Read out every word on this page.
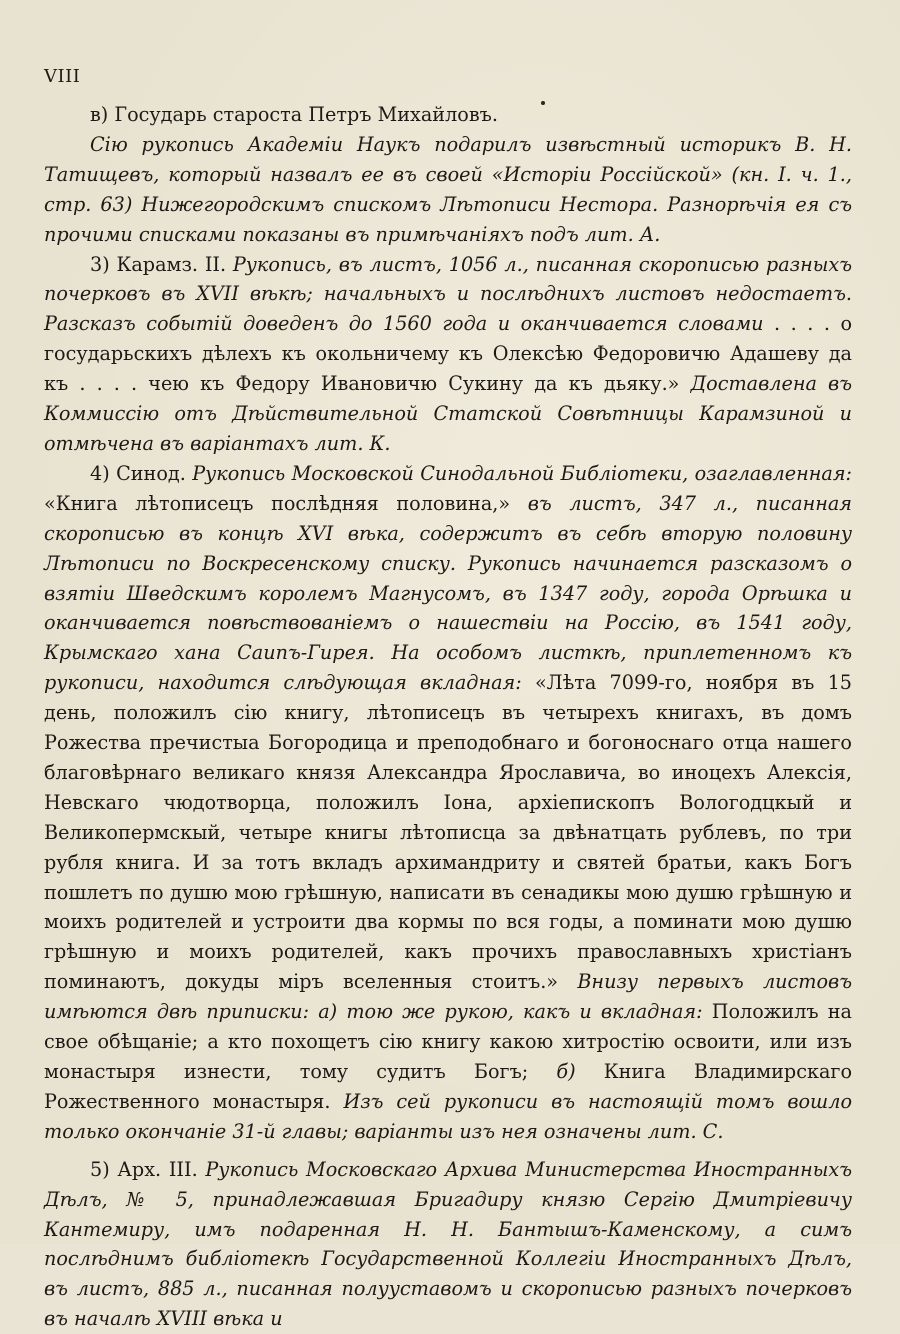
VIII

в) Государь староста Петръ Михайловъ.

Сію рукопись Академіи Наукъ подарилъ извѣстный историкъ В. Н. Татищевъ, который назвалъ ее въ своей «Исторіи Россійской» (кн. I. ч. 1., стр. 63) Нижегородскимъ спискомъ Лѣтописи Нестора. Разнорѣчія ея съ прочими списками показаны въ примѣчаніяхъ подъ лит. А.

3) Карамз. II. Рукопись, въ листъ, 1056 л., писанная скорописью разныхъ почерковъ въ XVII вѣкѣ; начальныхъ и послѣднихъ листовъ недостаетъ. Разсказъ событій доведенъ до 1560 года и оканчивается словами . . . . о государьскихъ дѣлехъ къ окольничему къ Олексѣю Федоровичю Адашеву да къ . . . . чею къ Федору Ивановичю Сукину да къ дьяку.» Доставлена въ Коммиссію отъ Дѣйствительной Статской Совѣтницы Карамзиной и отмѣчена въ варіантахъ лит. К.

4) Синод. Рукопись Московской Синодальной Библіотеки, озаглавленная: «Книга лѣтописецъ послѣдняя половина,» въ листъ, 347 л., писанная скорописью въ концѣ XVI вѣка, содержитъ въ себѣ вторую половину Лѣтописи по Воскресенскому списку. Рукопись начинается разсказомъ о взятіи Шведскимъ королемъ Магнусомъ, въ 1347 году, города Орѣшка и оканчивается повѣствованіемъ о нашествіи на Россію, въ 1541 году, Крымскаго хана Саипъ-Гирея. На особомъ листкѣ, приплетенномъ къ рукописи, находится слѣдующая вкладная: «Лѣта 7099-го, ноября въ 15 день, положилъ сію книгу, лѣтописецъ въ четырехъ книгахъ, въ домъ Рожества пречистыа Богородица и преподобнаго и богоноснаго отца нашего благовѣрнаго великаго князя Александра Ярославича, во иноцехъ Алексія, Невскаго чюдотворца, положилъ Іона, архіепископъ Вологодцкый и Великопермскый, четыре книгы лѣтописца за двѣнатцать рублевъ, по три рубля книга. И за тотъ вкладъ архимандриту и святей братьи, какъ Богъ пошлетъ по душю мою грѣшную, написати въ сенадикы мою душю грѣшную и моихъ родителей и устроити два кормы по вся годы, а поминати мою душю грѣшную и моихъ родителей, какъ прочихъ православныхъ христіанъ поминаютъ, докуды міръ вселенныя стоитъ.» Внизу первыхъ листовъ имѣются двѣ приписки: а) тою же рукою, какъ и вкладная: Положилъ на свое обѣщаніе; а кто похощетъ сію книгу какою хитростію освоити, или изъ монастыря изнести, тому судитъ Богъ; б) Книга Владимирскаго Рожественного монастыря. Изъ сей рукописи въ настоящій томъ вошло только окончаніе 31-й главы; варіанты изъ нея означены лит. С.

5) Арх. III. Рукопись Московскаго Архива Министерства Иностранныхъ Дѣлъ, № 5, принадлежавшая Бригадиру князю Сергію Дмитріевичу Кантемиру, имъ подаренная Н. Н. Бантышъ-Каменскому, а симъ послѣднимъ библіотекѣ Государственной Коллегіи Иностранныхъ Дѣлъ, въ листъ, 885 л., писанная полууставомъ и скорописью разныхъ почерковъ въ началѣ XVIII вѣка и
